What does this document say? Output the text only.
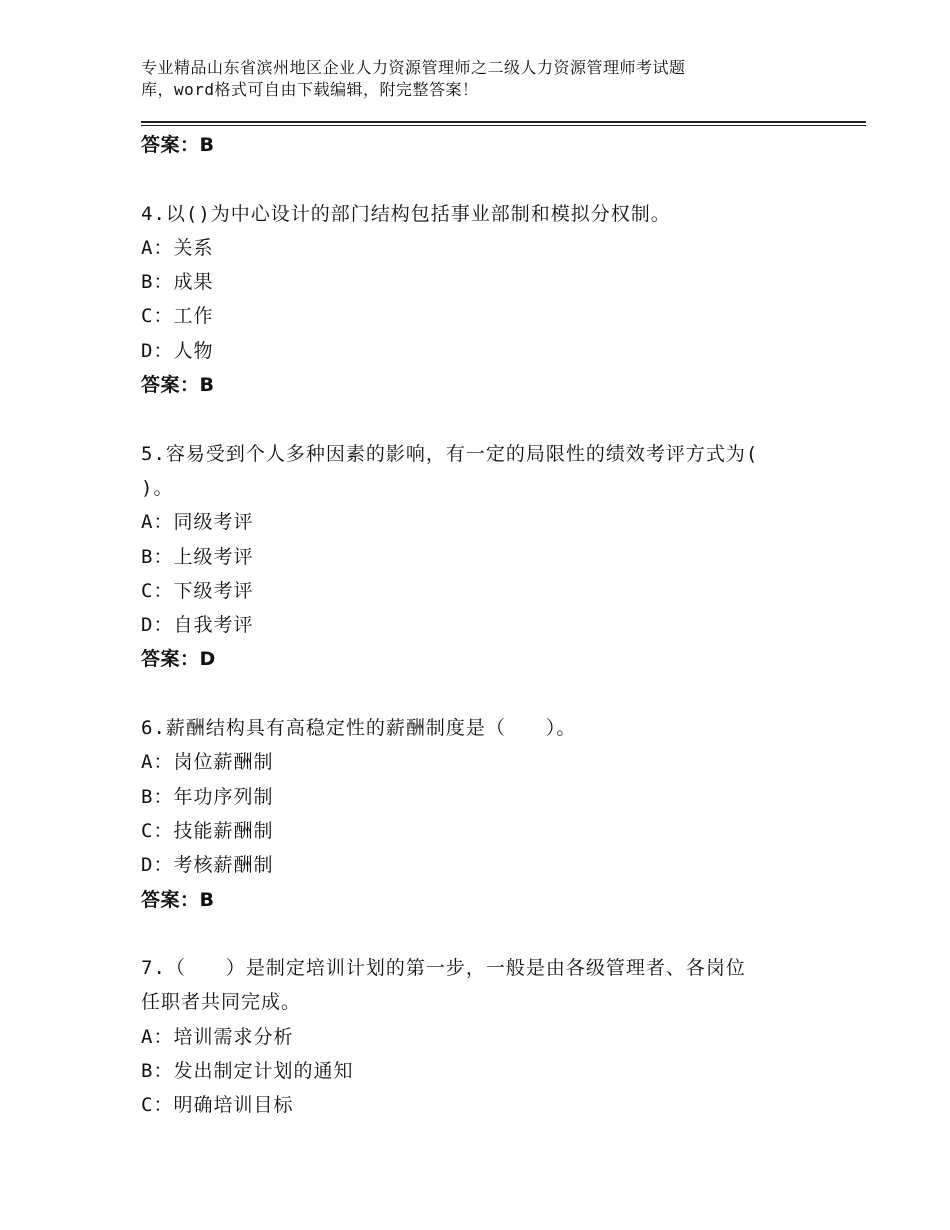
专业精品山东省滨州地区企业人力资源管理师之二级人力资源管理师考试题
库，word格式可自由下载编辑，附完整答案！
答案：B
4.以()为中心设计的部门结构包括事业部制和模拟分权制。
A：关系
B：成果
C：工作
D：人物
答案：B
5.容易受到个人多种因素的影响，有一定的局限性的绩效考评方式为(
)。
A：同级考评
B：上级考评
C：下级考评
D：自我考评
答案：D
6.薪酬结构具有高稳定性的薪酬制度是（　　）。
A：岗位薪酬制
B：年功序列制
C：技能薪酬制
D：考核薪酬制
答案：B
7.（　　）是制定培训计划的第一步，一般是由各级管理者、各岗位
任职者共同完成。
A：培训需求分析
B：发出制定计划的通知
C：明确培训目标
